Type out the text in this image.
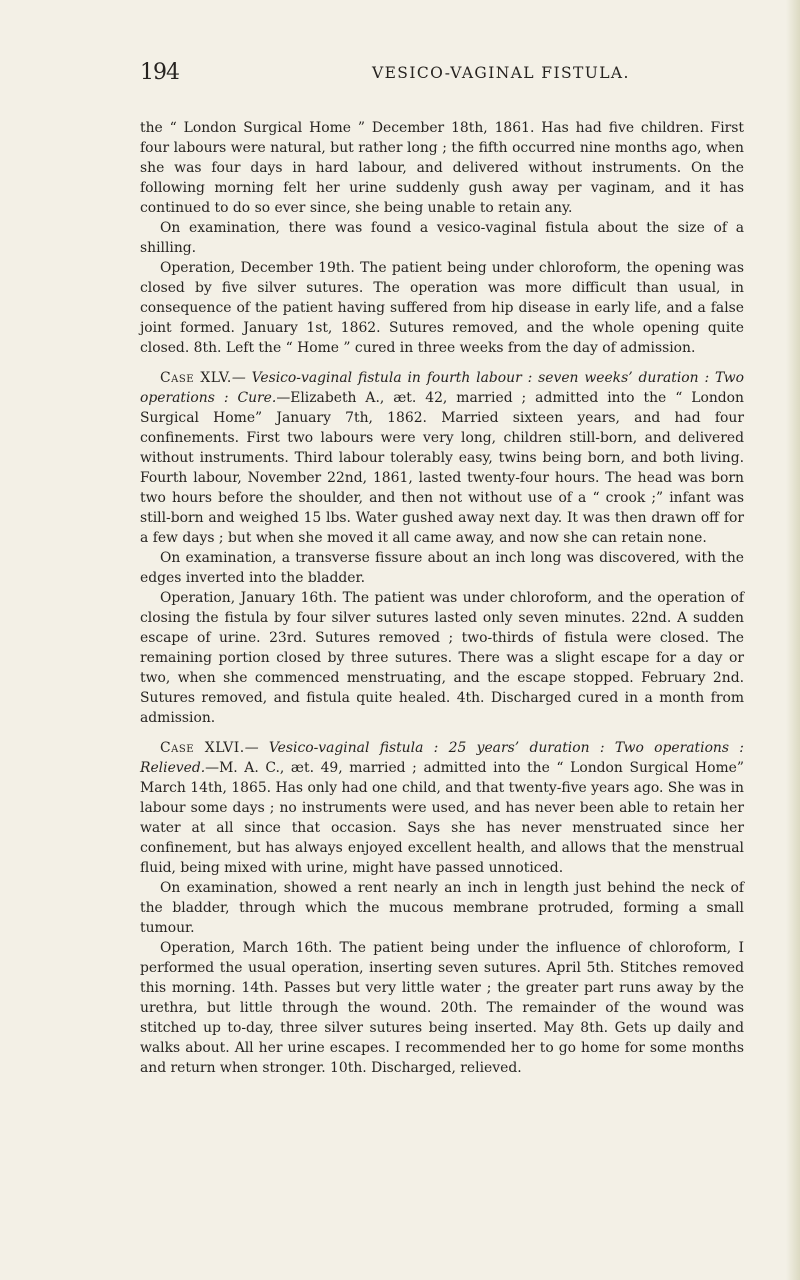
194	VESICO-VAGINAL FISTULA.

the “ London Surgical Home ” December 18th, 1861. Has had five children. First four labours were natural, but rather long ; the fifth occurred nine months ago, when she was four days in hard labour, and delivered without instruments. On the following morning felt her urine suddenly gush away per vaginam, and it has continued to do so ever since, she being unable to retain any.

On examination, there was found a vesico-vaginal fistula about the size of a shilling.

Operation, December 19th. The patient being under chloroform, the opening was closed by five silver sutures. The operation was more difficult than usual, in consequence of the patient having suffered from hip disease in early life, and a false joint formed. January 1st, 1862. Sutures removed, and the whole opening quite closed. 8th. Left the “ Home ” cured in three weeks from the day of admission.

Case XLV.— Vesico-vaginal fistula in fourth labour : seven weeks’ duration : Two operations : Cure.—Elizabeth A., æt. 42, married ; admitted into the “ London Surgical Home” January 7th, 1862. Married sixteen years, and had four confinements. First two labours were very long, children still-born, and delivered without instruments. Third labour tolerably easy, twins being born, and both living. Fourth labour, November 22nd, 1861, lasted twenty-four hours. The head was born two hours before the shoulder, and then not without use of a “ crook ;” infant was still-born and weighed 15 lbs. Water gushed away next day. It was then drawn off for a few days ; but when she moved it all came away, and now she can retain none.

On examination, a transverse fissure about an inch long was discovered, with the edges inverted into the bladder.

Operation, January 16th. The patient was under chloroform, and the operation of closing the fistula by four silver sutures lasted only seven minutes. 22nd. A sudden escape of urine. 23rd. Sutures removed ; two-thirds of fistula were closed. The remaining portion closed by three sutures. There was a slight escape for a day or two, when she commenced menstruating, and the escape stopped. February 2nd. Sutures removed, and fistula quite healed. 4th. Discharged cured in a month from admission.

Case XLVI.— Vesico-vaginal fistula : 25 years’ duration : Two operations : Relieved.—M. A. C., æt. 49, married ; admitted into the “ London Surgical Home” March 14th, 1865. Has only had one child, and that twenty-five years ago. She was in labour some days ; no instruments were used, and has never been able to retain her water at all since that occasion. Says she has never menstruated since her confinement, but has always enjoyed excellent health, and allows that the menstrual fluid, being mixed with urine, might have passed unnoticed.

On examination, showed a rent nearly an inch in length just behind the neck of the bladder, through which the mucous membrane protruded, forming a small tumour.

Operation, March 16th. The patient being under the influence of chloroform, I performed the usual operation, inserting seven sutures. April 5th. Stitches removed this morning. 14th. Passes but very little water ; the greater part runs away by the urethra, but little through the wound. 20th. The remainder of the wound was stitched up to-day, three silver sutures being inserted. May 8th. Gets up daily and walks about. All her urine escapes. I recommended her to go home for some months and return when stronger. 10th. Discharged, relieved.
